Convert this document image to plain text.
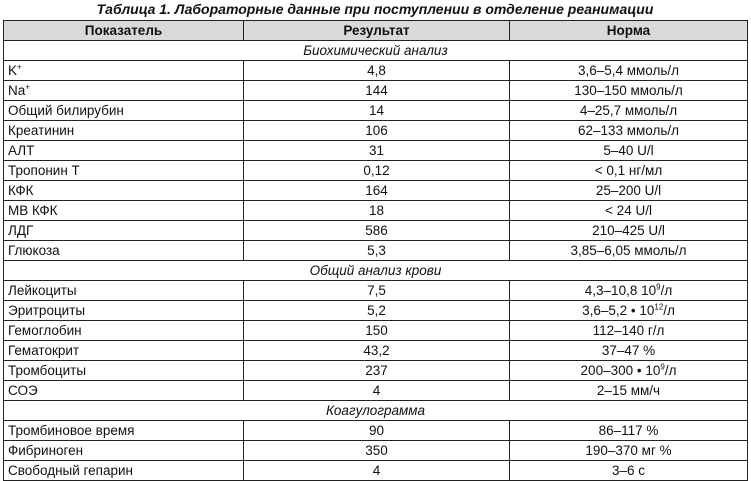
Таблица 1. Лабораторные данные при поступлении в отделение реанимации
Показатель	Результат	Норма
Биохимический анализ		
K+	4,8	3,6–5,4 ммоль/л
Na+	144	130–150 ммоль/л
Общий билирубин	14	4–25,7 ммоль/л
Креатинин	106	62–133 ммоль/л
АЛТ	31	5–40 U/l
Тропонин Т	0,12	< 0,1 нг/мл
КФК	164	25–200 U/l
МВ КФК	18	< 24 U/l
ЛДГ	586	210–425 U/l
Глюкоза	5,3	3,85–6,05 ммоль/л
Общий анализ крови		
Лейкоциты	7,5	4,3–10,8 $10^9/л$
Эритроциты	5,2	3,6–5,2 • $10^{12}/л$
Гемоглобин	150	112–140 г/л
Гематокрит	43,2	37–47 %
Тромбоциты	237	200–300 • $10^9/л$
СОЭ	4	2–15 мм/ч
Коагулограмма		
Тромбиновое время	90	86–117 %
Фибриноген	350	190–370 мг %
Свободный гепарин	4	3–6 с
